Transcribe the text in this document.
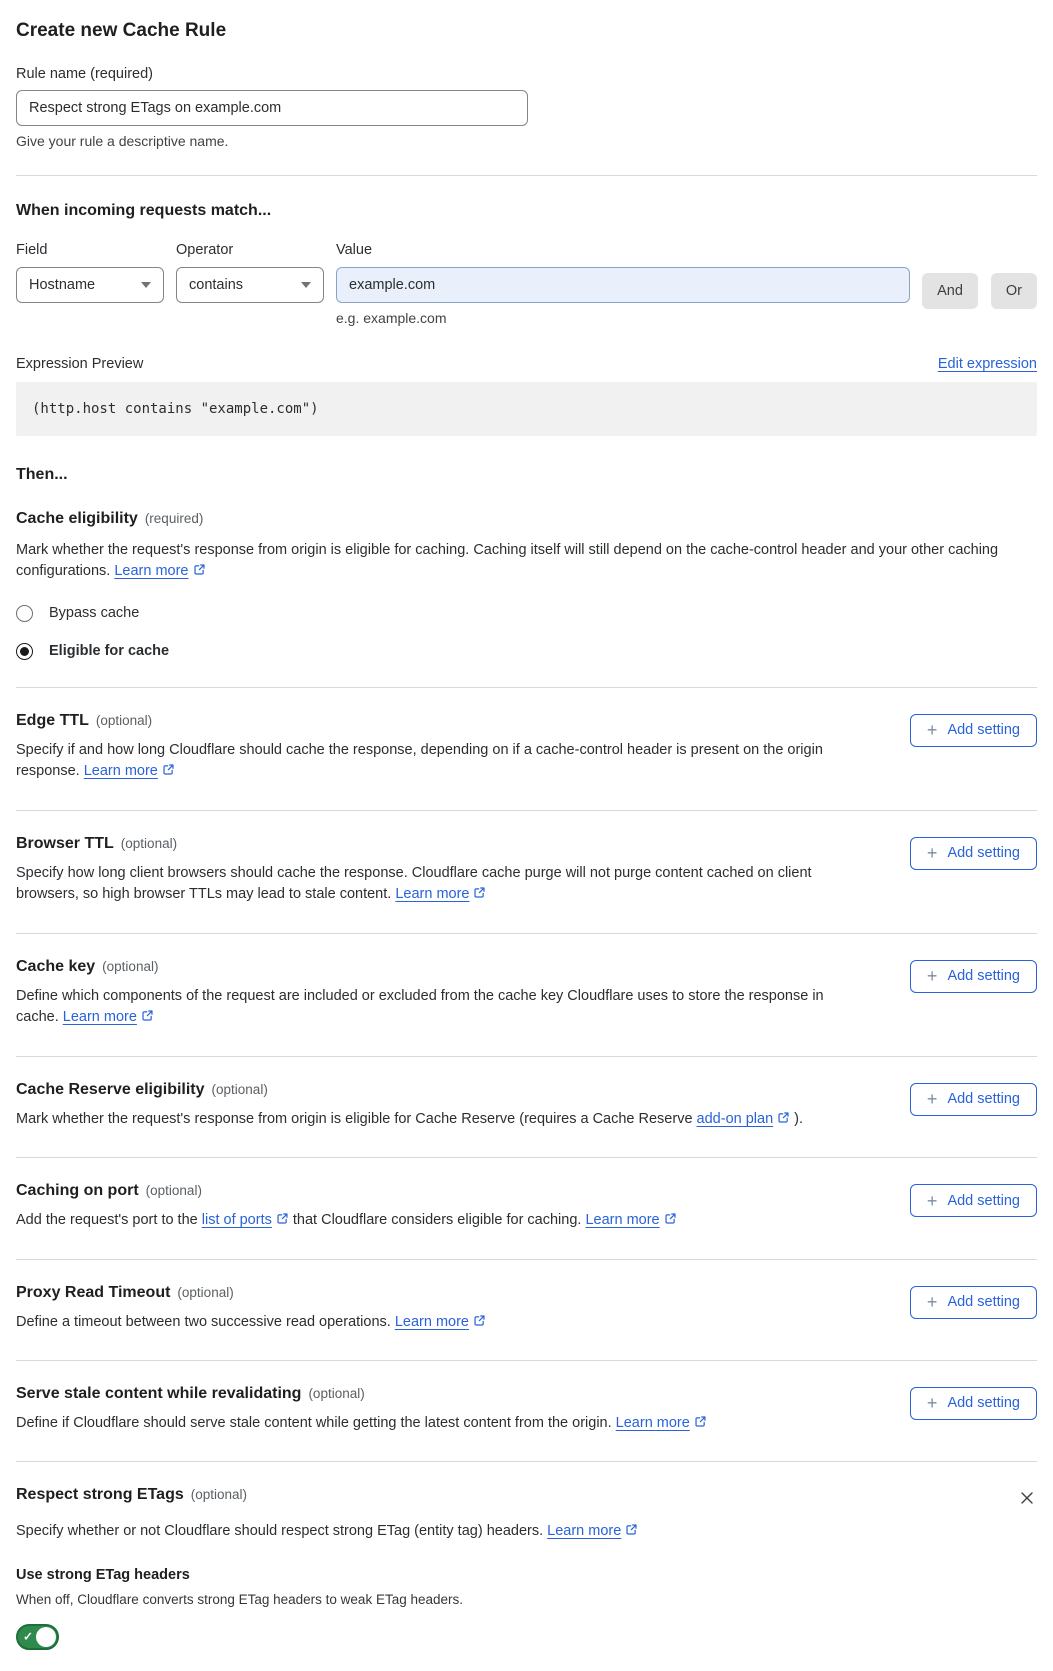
Create new Cache Rule
Rule name (required)
Respect strong ETags on example.com
Give your rule a descriptive name.
When incoming requests match...
Field
Hostname
Operator
contains
Value
example.com
e.g. example.com
And	Or
Expression Preview	Edit expression
(http.host contains "example.com")
Then...
Cache eligibility (required)

Mark whether the request's response from origin is eligible for caching. Caching itself will still depend on the cache-control header and your other caching configurations. Learn more

Bypass cache
Eligible for cache
Edge TTL (optional)

Specify if and how long Cloudflare should cache the response, depending on if a cache-control header is present on the origin response. Learn more

+ Add setting
Browser TTL (optional)

Specify how long client browsers should cache the response. Cloudflare cache purge will not purge content cached on client browsers, so high browser TTLs may lead to stale content. Learn more

+ Add setting
Cache key (optional)

Define which components of the request are included or excluded from the cache key Cloudflare uses to store the response in cache. Learn more

+ Add setting
Cache Reserve eligibility (optional)

Mark whether the request's response from origin is eligible for Cache Reserve (requires a Cache Reserve add-on plan ).

+ Add setting
Caching on port (optional)

Add the request's port to the list of ports that Cloudflare considers eligible for caching. Learn more

+ Add setting
Proxy Read Timeout (optional)

Define a timeout between two successive read operations. Learn more

+ Add setting
Serve stale content while revalidating (optional)

Define if Cloudflare should serve stale content while getting the latest content from the origin. Learn more

+ Add setting
Respect strong ETags (optional)

Specify whether or not Cloudflare should respect strong ETag (entity tag) headers. Learn more

Use strong ETag headers
When off, Cloudflare converts strong ETag headers to weak ETag headers.
✓
